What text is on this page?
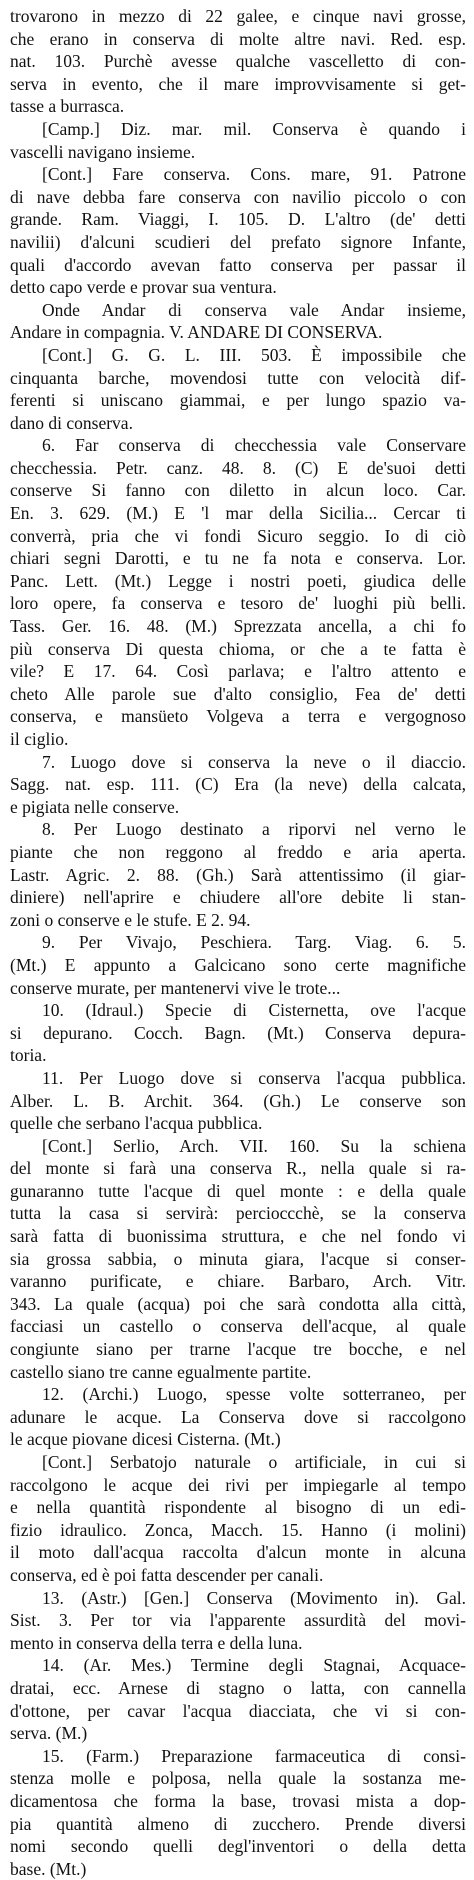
trovarono in mezzo di 22 galee, e cinque navi grosse,
che erano in conserva di molte altre navi. Red. esp.
nat. 103. Purchè avesse qualche vascelletto di con-
serva in evento, che il mare improvvisamente si get-
tasse a burrasca.
[Camp.] Diz. mar. mil. Conserva è quando i
vascelli navigano insieme.
[Cont.] Fare conserva. Cons. mare, 91. Patrone
di nave debba fare conserva con navilio piccolo o con
grande. Ram. Viaggi, I. 105. D. L'altro (de' detti
navilii) d'alcuni scudieri del prefato signore Infante,
quali d'accordo avevan fatto conserva per passar il
detto capo verde e provar sua ventura.
Onde Andar di conserva vale Andar insieme,
Andare in compagnia. V. ANDARE DI CONSERVA.
[Cont.] G. G. L. III. 503. È impossibile che
cinquanta barche, movendosi tutte con velocità dif-
ferenti si uniscano giammai, e per lungo spazio va-
dano di conserva.
6. Far conserva di checchessia vale Conservare
checchessia. Petr. canz. 48. 8. (C) E de'suoi detti
conserve Si fanno con diletto in alcun loco. Car.
En. 3. 629. (M.) E 'l mar della Sicilia... Cercar ti
converrà, pria che vi fondi Sicuro seggio. Io di ciò
chiari segni Darotti, e tu ne fa nota e conserva. Lor.
Panc. Lett. (Mt.) Legge i nostri poeti, giudica delle
loro opere, fa conserva e tesoro de' luoghi più belli.
Tass. Ger. 16. 48. (M.) Sprezzata ancella, a chi fo
più conserva Di questa chioma, or che a te fatta è
vile? E 17. 64. Così parlava; e l'altro attento e
cheto Alle parole sue d'alto consiglio, Fea de' detti
conserva, e mansüeto Volgeva a terra e vergognoso
il ciglio.
7. Luogo dove si conserva la neve o il diaccio.
Sagg. nat. esp. 111. (C) Era (la neve) della calcata,
e pigiata nelle conserve.
8. Per Luogo destinato a riporvi nel verno le
piante che non reggono al freddo e aria aperta.
Lastr. Agric. 2. 88. (Gh.) Sarà attentissimo (il giar-
diniere) nell'aprire e chiudere all'ore debite li stan-
zoni o conserve e le stufe. E 2. 94.
9. Per Vivajo, Peschiera. Targ. Viag. 6. 5.
(Mt.) E appunto a Galcicano sono certe magnifiche
conserve murate, per mantenervi vive le trote...
10. (Idraul.) Specie di Cisternetta, ove l'acque
si depurano. Cocch. Bagn. (Mt.) Conserva depura-
toria.
11. Per Luogo dove si conserva l'acqua pubblica.
Alber. L. B. Archit. 364. (Gh.) Le conserve son
quelle che serbano l'acqua pubblica.
[Cont.] Serlio, Arch. VII. 160. Su la schiena
del monte si farà una conserva R., nella quale si ra-
gunaranno tutte l'acque di quel monte : e della quale
tutta la casa si servirà: percioccchè, se la conserva
sarà fatta di buonissima struttura, e che nel fondo vi
sia grossa sabbia, o minuta giara, l'acque si conser-
varanno purificate, e chiare. Barbaro, Arch. Vitr.
343. La quale (acqua) poi che sarà condotta alla città,
facciasi un castello o conserva dell'acque, al quale
congiunte siano per trarne l'acque tre bocche, e nel
castello siano tre canne egualmente partite.
12. (Archi.) Luogo, spesse volte sotterraneo, per
adunare le acque. La Conserva dove si raccolgono
le acque piovane dicesi Cisterna. (Mt.)
[Cont.] Serbatojo naturale o artificiale, in cui si
raccolgono le acque dei rivi per impiegarle al tempo
e nella quantità rispondente al bisogno di un edi-
fizio idraulico. Zonca, Macch. 15. Hanno (i molini)
il moto dall'acqua raccolta d'alcun monte in alcuna
conserva, ed è poi fatta descender per canali.
13. (Astr.) [Gen.] Conserva (Movimento in). Gal.
Sist. 3. Per tor via l'apparente assurdità del movi-
mento in conserva della terra e della luna.
14. (Ar. Mes.) Termine degli Stagnai, Acquace-
dratai, ecc. Arnese di stagno o latta, con cannella
d'ottone, per cavar l'acqua diacciata, che vi si con-
serva. (M.)
15. (Farm.) Preparazione farmaceutica di consi-
stenza molle e polposa, nella quale la sostanza me-
dicamentosa che forma la base, trovasi mista a dop-
pia quantità almeno di zucchero. Prende diversi
nomi secondo quelli degl'inventori o della detta
base. (Mt.)
